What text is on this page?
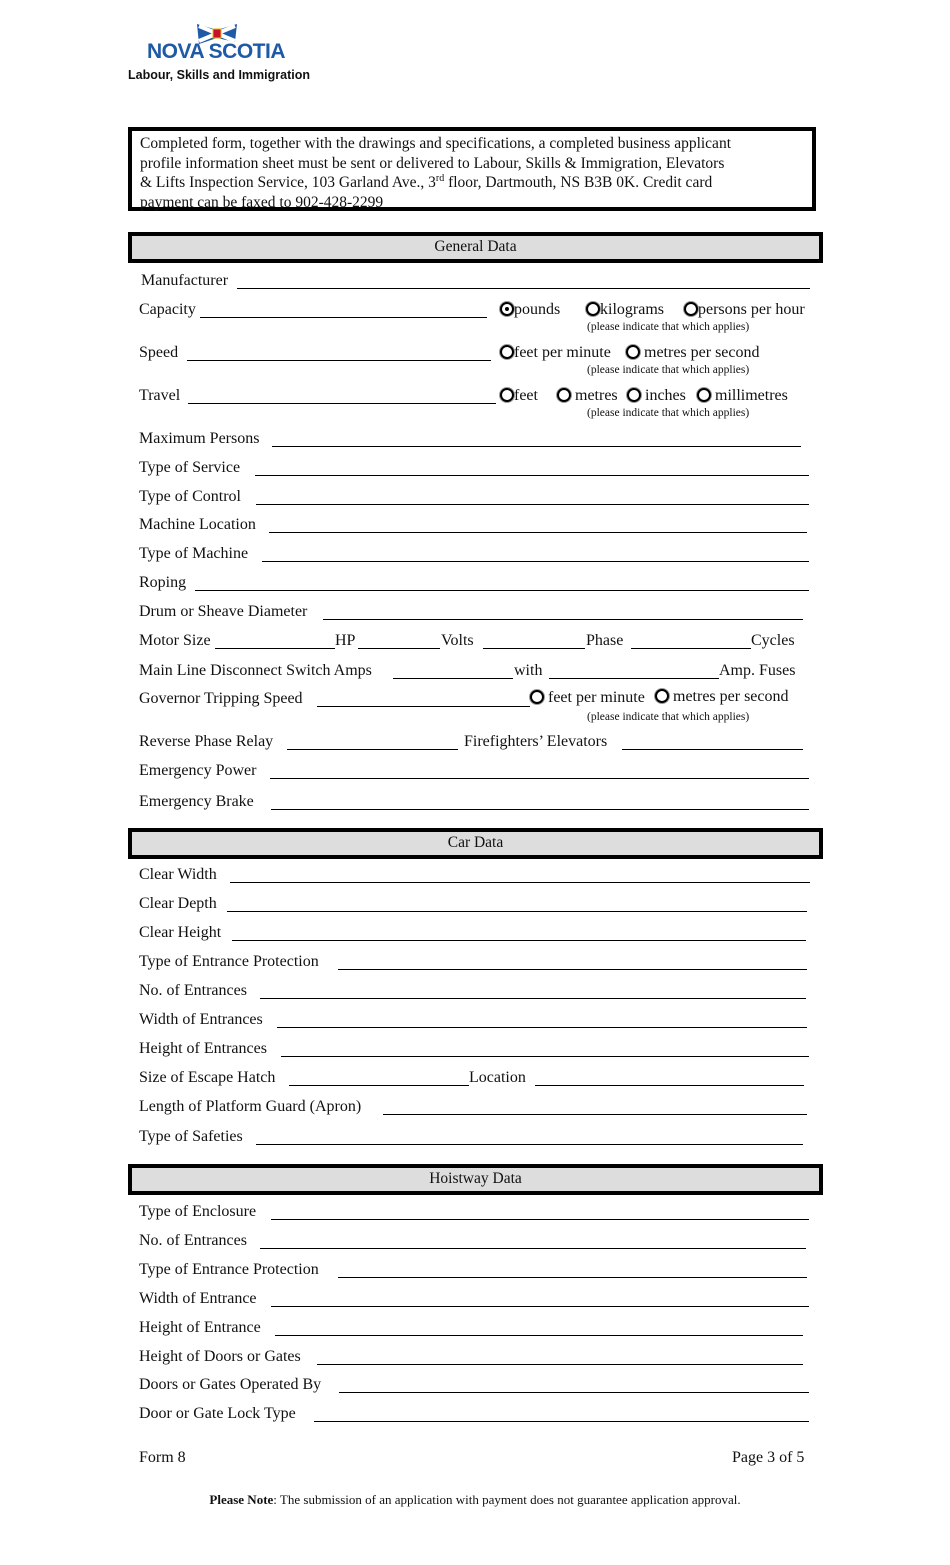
NOVA SCOTIA
Labour, Skills and Immigration
Completed form, together with the drawings and specifications, a completed business applicant
profile information sheet must be sent or delivered to Labour, Skills & Immigration, Elevators
& Lifts Inspection Service, 103 Garland Ave., 3rd floor, Dartmouth, NS B3B 0K. Credit card
payment can be faxed to 902-428-2299
General Data
Manufacturer
Capacity	pounds	kilograms	persons per hour
(please indicate that which applies)
Speed	feet per minute	metres per second
(please indicate that which applies)
Travel	feet	metres	inches	millimetres
(please indicate that which applies)
Maximum Persons
Type of Service
Type of Control
Machine Location
Type of Machine
Roping
Drum or Sheave Diameter
Motor Size	HP	Volts	Phase	Cycles
Main Line Disconnect Switch Amps	with	Amp. Fuses
Governor Tripping Speed	feet per minute	metres per second
(please indicate that which applies)
Reverse Phase Relay	Firefighters’ Elevators
Emergency Power
Emergency Brake
Car Data
Clear Width
Clear Depth
Clear Height
Type of Entrance Protection
No. of Entrances
Width of Entrances
Height of Entrances
Size of Escape Hatch	Location
Length of Platform Guard (Apron)
Type of Safeties
Hoistway Data
Type of Enclosure
No. of Entrances
Type of Entrance Protection
Width of Entrance
Height of Entrance
Height of Doors or Gates
Doors or Gates Operated By
Door or Gate Lock Type
Form 8	Page 3 of 5
Please Note: The submission of an application with payment does not guarantee application approval.
